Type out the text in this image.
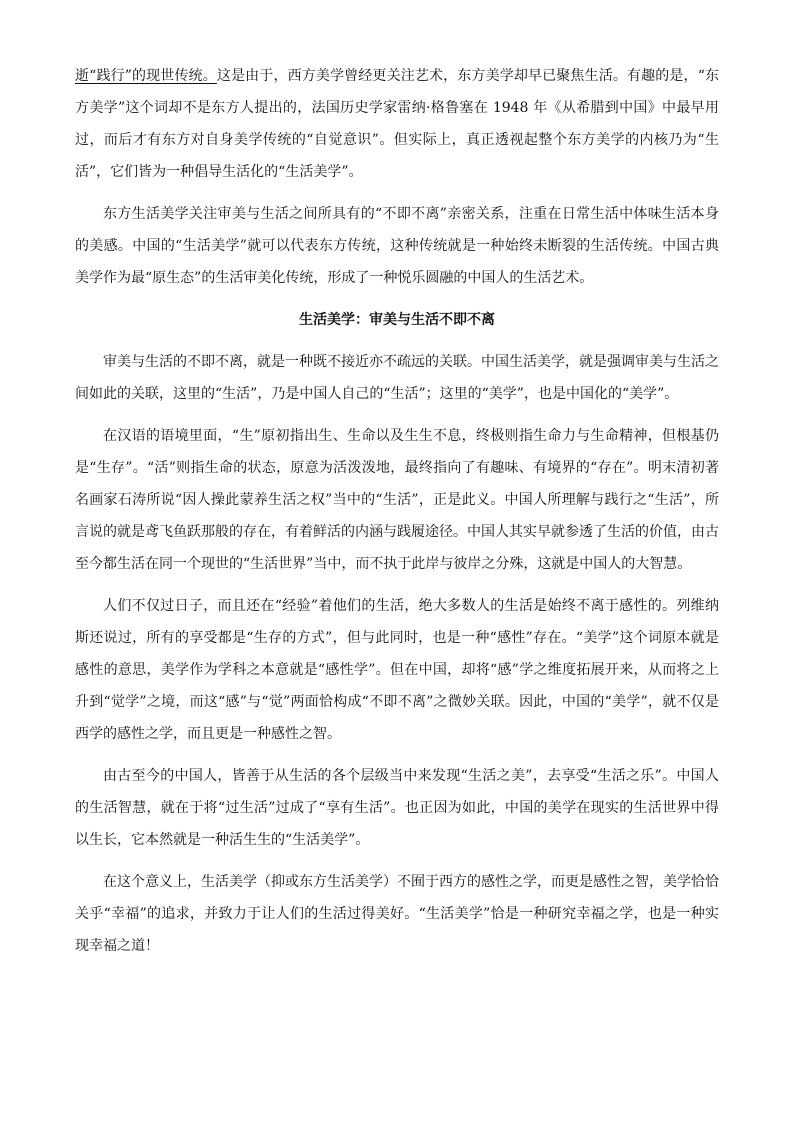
逝“践行”的现世传统。这是由于，西方美学曾经更关注艺术，东方美学却早已聚焦生活。有趣的是，“东方美学”这个词却不是东方人提出的，法国历史学家雷纳·格鲁塞在 1948 年《从希腊到中国》中最早用过，而后才有东方对自身美学传统的“自觉意识”。但实际上，真正透视起整个东方美学的内核乃为“生活”，它们皆为一种倡导生活化的“生活美学”。

东方生活美学关注审美与生活之间所具有的“不即不离”亲密关系，注重在日常生活中体味生活本身的美感。中国的“生活美学”就可以代表东方传统，这种传统就是一种始终未断裂的生活传统。中国古典美学作为最“原生态”的生活审美化传统，形成了一种悦乐圆融的中国人的生活艺术。

生活美学：审美与生活不即不离

审美与生活的不即不离，就是一种既不接近亦不疏远的关联。中国生活美学，就是强调审美与生活之间如此的关联，这里的“生活”，乃是中国人自己的“生活”；这里的“美学”，也是中国化的“美学”。

在汉语的语境里面，“生”原初指出生、生命以及生生不息，终极则指生命力与生命精神，但根基仍是“生存”。“活”则指生命的状态，原意为活泼泼地，最终指向了有趣味、有境界的“存在”。明末清初著名画家石涛所说“因人操此蒙养生活之权”当中的“生活”，正是此义。中国人所理解与践行之“生活”，所言说的就是鸢飞鱼跃那般的存在，有着鲜活的内涵与践履途径。中国人其实早就参透了生活的价值，由古至今都生活在同一个现世的“生活世界”当中，而不执于此岸与彼岸之分殊，这就是中国人的大智慧。

人们不仅过日子，而且还在“经验”着他们的生活，绝大多数人的生活是始终不离于感性的。列维纳斯还说过，所有的享受都是“生存的方式”，但与此同时，也是一种“感性”存在。“美学”这个词原本就是感性的意思，美学作为学科之本意就是“感性学”。但在中国，却将“感”学之维度拓展开来，从而将之上升到“觉学”之境，而这“感”与“觉”两面恰构成“不即不离”之微妙关联。因此，中国的“美学”，就不仅是西学的感性之学，而且更是一种感性之智。

由古至今的中国人，皆善于从生活的各个层级当中来发现“生活之美”，去享受“生活之乐”。中国人的生活智慧，就在于将“过生活”过成了“享有生活”。也正因为如此，中国的美学在现实的生活世界中得以生长，它本然就是一种活生生的“生活美学”。

在这个意义上，生活美学（抑或东方生活美学）不囿于西方的感性之学，而更是感性之智，美学恰恰关乎“幸福”的追求，并致力于让人们的生活过得美好。“生活美学”恰是一种研究幸福之学，也是一种实现幸福之道！
